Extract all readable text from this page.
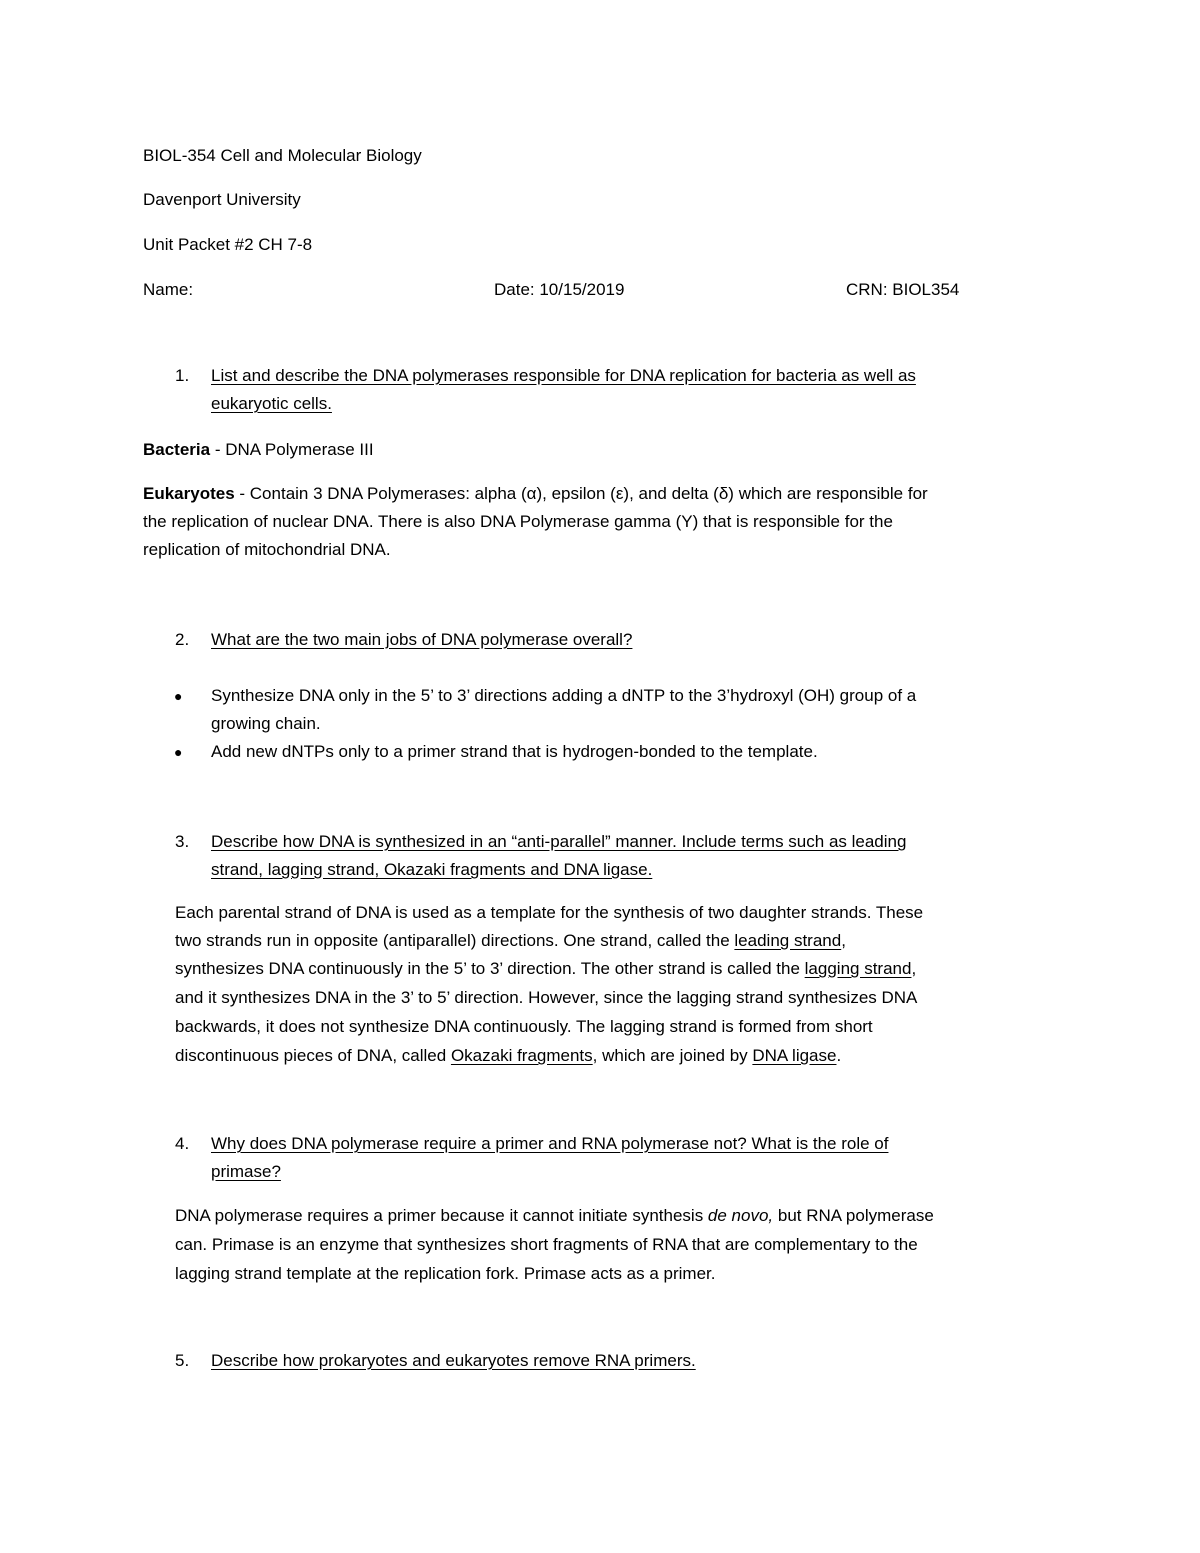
BIOL-354 Cell and Molecular Biology
Davenport University
Unit Packet #2 CH 7-8
Name:	Date: 10/15/2019	CRN: BIOL354
1.	List and describe the DNA polymerases responsible for DNA replication for bacteria as well as
eukaryotic cells.
Bacteria - DNA Polymerase III
Eukaryotes - Contain 3 DNA Polymerases: alpha (α), epsilon (ε), and delta (δ) which are responsible for
the replication of nuclear DNA. There is also DNA Polymerase gamma (Y) that is responsible for the
replication of mitochondrial DNA.
2.	What are the two main jobs of DNA polymerase overall?
● Synthesize DNA only in the 5’ to 3’ directions adding a dNTP to the 3’hydroxyl (OH) group of a
growing chain.
● Add new dNTPs only to a primer strand that is hydrogen-bonded to the template.
3.	Describe how DNA is synthesized in an “anti-parallel” manner. Include terms such as leading
strand, lagging strand, Okazaki fragments and DNA ligase.
Each parental strand of DNA is used as a template for the synthesis of two daughter strands. These
two strands run in opposite (antiparallel) directions. One strand, called the leading strand,
synthesizes DNA continuously in the 5’ to 3’ direction. The other strand is called the lagging strand,
and it synthesizes DNA in the 3’ to 5’ direction. However, since the lagging strand synthesizes DNA
backwards, it does not synthesize DNA continuously. The lagging strand is formed from short
discontinuous pieces of DNA, called Okazaki fragments, which are joined by DNA ligase.
4.	Why does DNA polymerase require a primer and RNA polymerase not? What is the role of
primase?
DNA polymerase requires a primer because it cannot initiate synthesis de novo, but RNA polymerase
can. Primase is an enzyme that synthesizes short fragments of RNA that are complementary to the
lagging strand template at the replication fork. Primase acts as a primer.
5.	Describe how prokaryotes and eukaryotes remove RNA primers.
